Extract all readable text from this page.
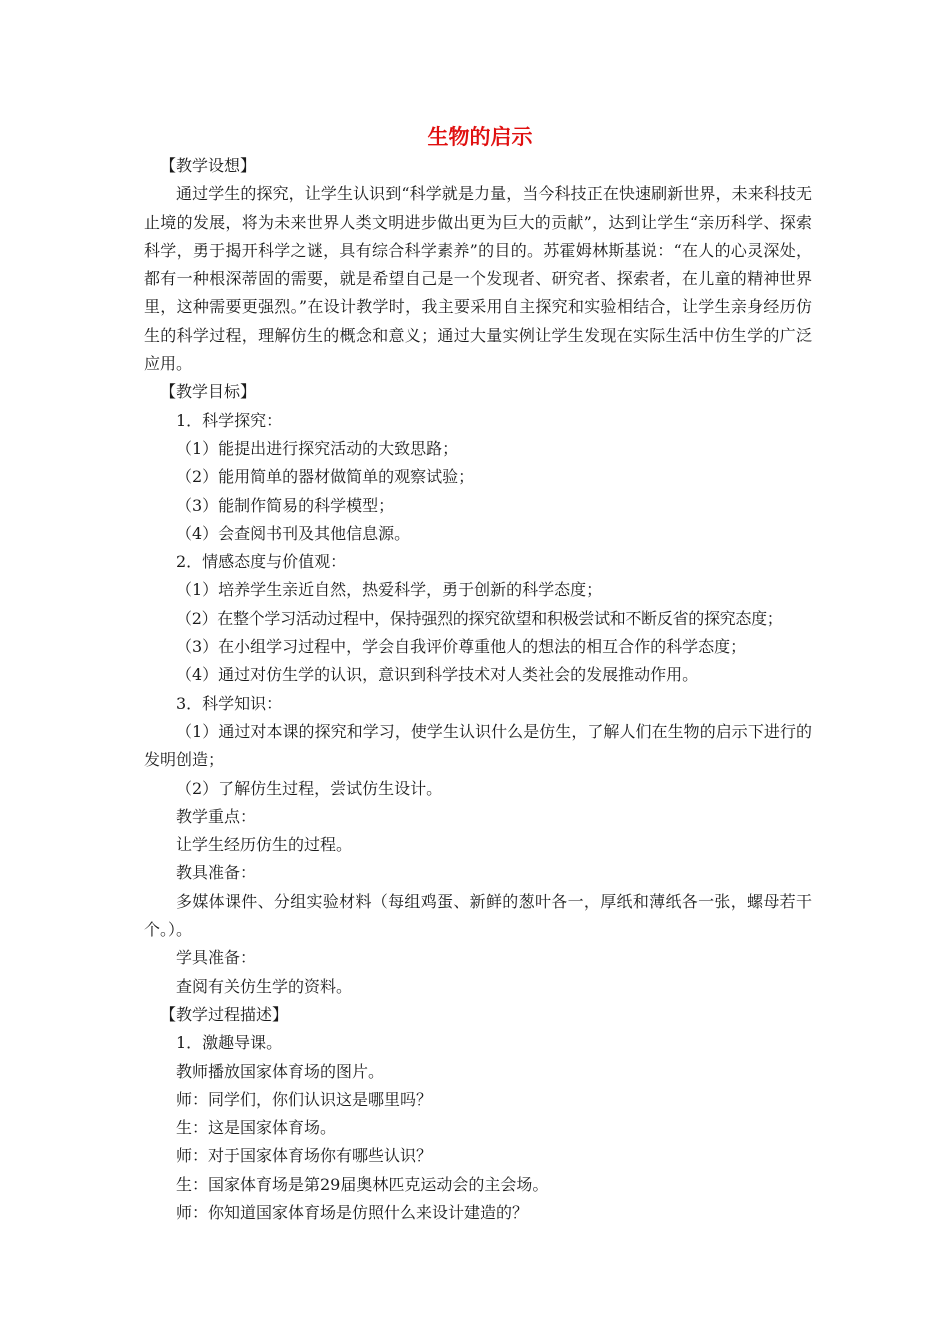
生物的启示

【教学设想】

通过学生的探究，让学生认识到“科学就是力量，当今科技正在快速刷新世界，未来科技无止境的发展，将为未来世界人类文明进步做出更为巨大的贡献”，达到让学生“亲历科学、探索科学，勇于揭开科学之谜，具有综合科学素养”的目的。苏霍姆林斯基说：“在人的心灵深处，都有一种根深蒂固的需要，就是希望自己是一个发现者、研究者、探索者，在儿童的精神世界里，这种需要更强烈。”在设计教学时，我主要采用自主探究和实验相结合，让学生亲身经历仿生的科学过程，理解仿生的概念和意义；通过大量实例让学生发现在实际生活中仿生学的广泛应用。

【教学目标】

1．科学探究：

（1）能提出进行探究活动的大致思路；

（2）能用简单的器材做简单的观察试验；

（3）能制作简易的科学模型；

（4）会查阅书刊及其他信息源。

2．情感态度与价值观：

（1）培养学生亲近自然，热爱科学，勇于创新的科学态度；

（2）在整个学习活动过程中，保持强烈的探究欲望和积极尝试和不断反省的探究态度；

（3）在小组学习过程中，学会自我评价尊重他人的想法的相互合作的科学态度；

（4）通过对仿生学的认识，意识到科学技术对人类社会的发展推动作用。

3．科学知识：

（1）通过对本课的探究和学习，使学生认识什么是仿生，了解人们在生物的启示下进行的发明创造；

（2）了解仿生过程，尝试仿生设计。

教学重点：

让学生经历仿生的过程。

教具准备：

多媒体课件、分组实验材料（每组鸡蛋、新鲜的葱叶各一，厚纸和薄纸各一张，螺母若干个。）。

学具准备：

查阅有关仿生学的资料。

【教学过程描述】

1．激趣导课。

教师播放国家体育场的图片。

师：同学们，你们认识这是哪里吗？

生：这是国家体育场。

师：对于国家体育场你有哪些认识？

生：国家体育场是第29届奥林匹克运动会的主会场。

师：你知道国家体育场是仿照什么来设计建造的？
